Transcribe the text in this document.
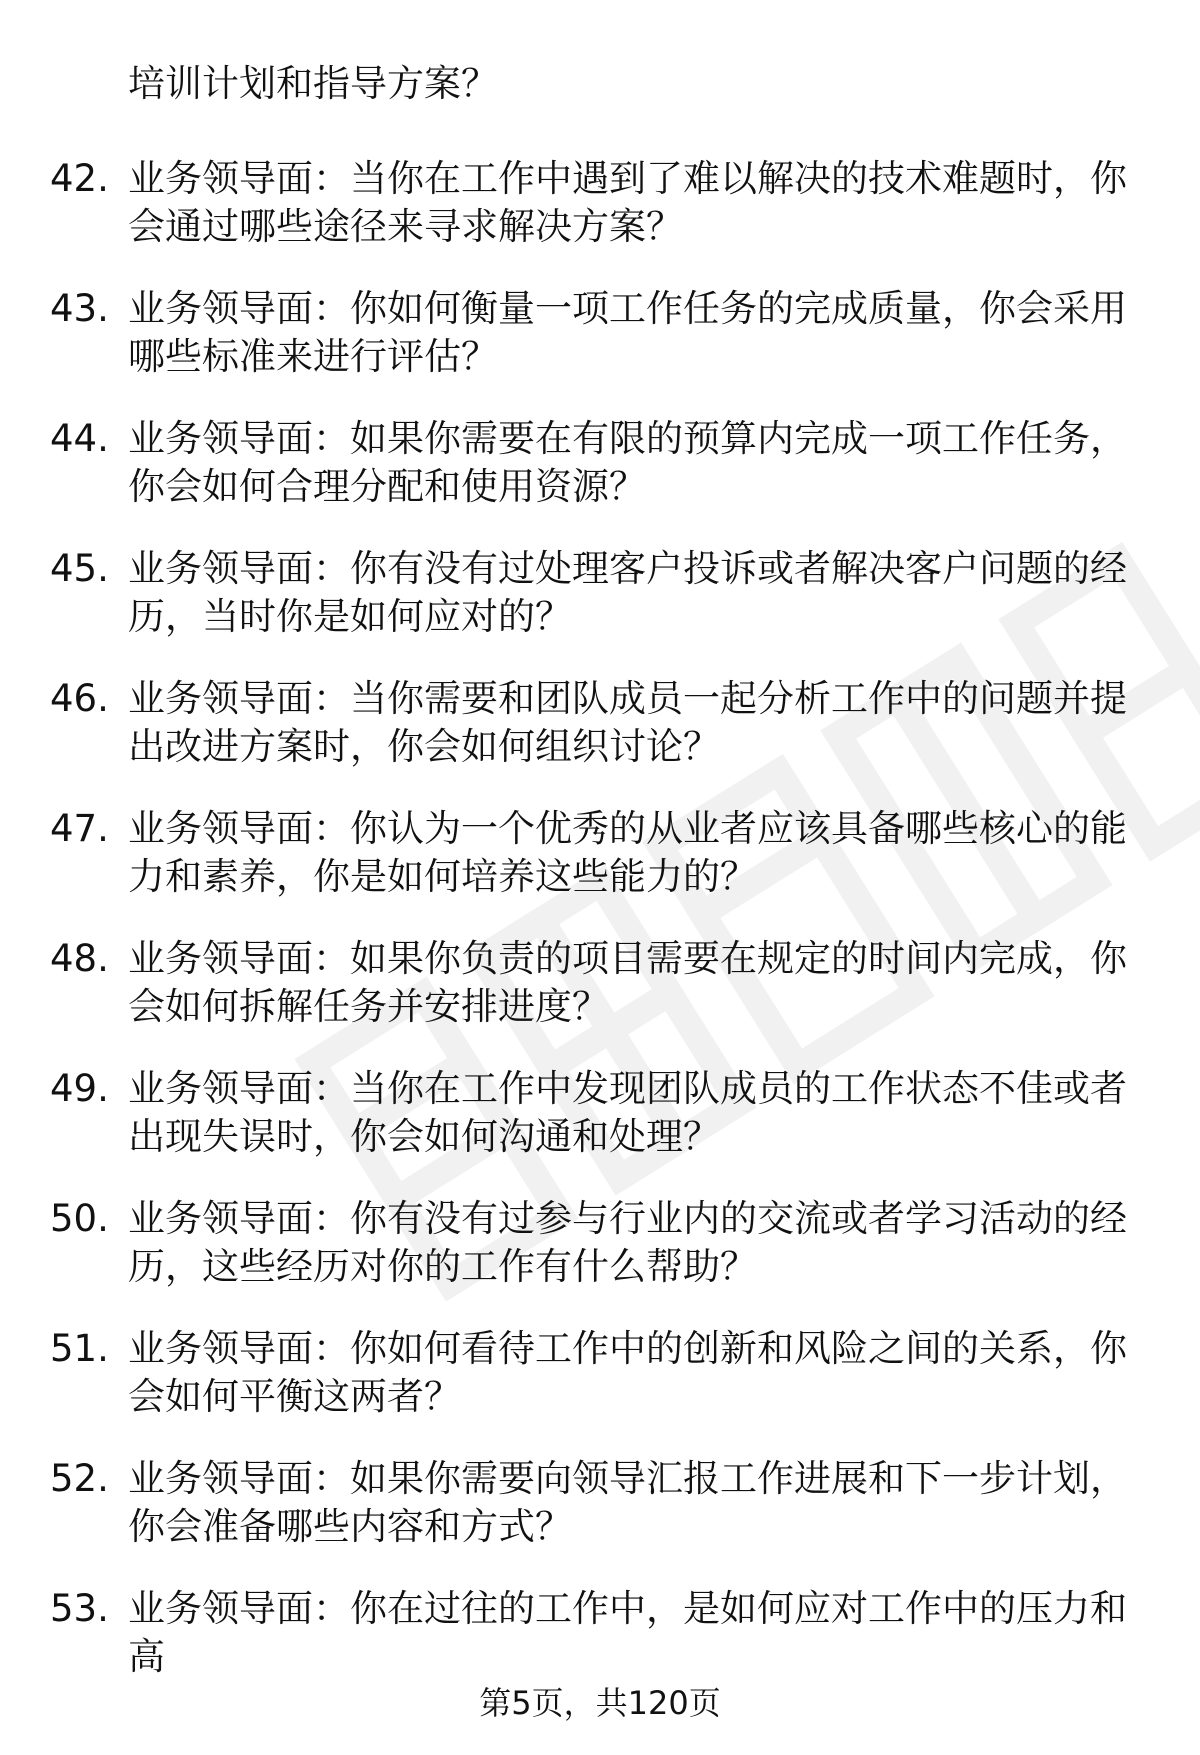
培训计划和指导方案？

42. 业务领导面：当你在工作中遇到了难以解决的技术难题时，你会通过哪些途径来寻求解决方案？
43. 业务领导面：你如何衡量一项工作任务的完成质量，你会采用哪些标准来进行评估？
44. 业务领导面：如果你需要在有限的预算内完成一项工作任务，你会如何合理分配和使用资源？
45. 业务领导面：你有没有过处理客户投诉或者解决客户问题的经历，当时你是如何应对的？
46. 业务领导面：当你需要和团队成员一起分析工作中的问题并提出改进方案时，你会如何组织讨论？
47. 业务领导面：你认为一个优秀的从业者应该具备哪些核心的能力和素养，你是如何培养这些能力的？
48. 业务领导面：如果你负责的项目需要在规定的时间内完成，你会如何拆解任务并安排进度？
49. 业务领导面：当你在工作中发现团队成员的工作状态不佳或者出现失误时，你会如何沟通和处理？
50. 业务领导面：你有没有过参与行业内的交流或者学习活动的经历，这些经历对你的工作有什么帮助？
51. 业务领导面：你如何看待工作中的创新和风险之间的关系，你会如何平衡这两者？
52. 业务领导面：如果你需要向领导汇报工作进展和下一步计划，你会准备哪些内容和方式？
53. 业务领导面：你在过往的工作中，是如何应对工作中的压力和高
第5页，共120页
